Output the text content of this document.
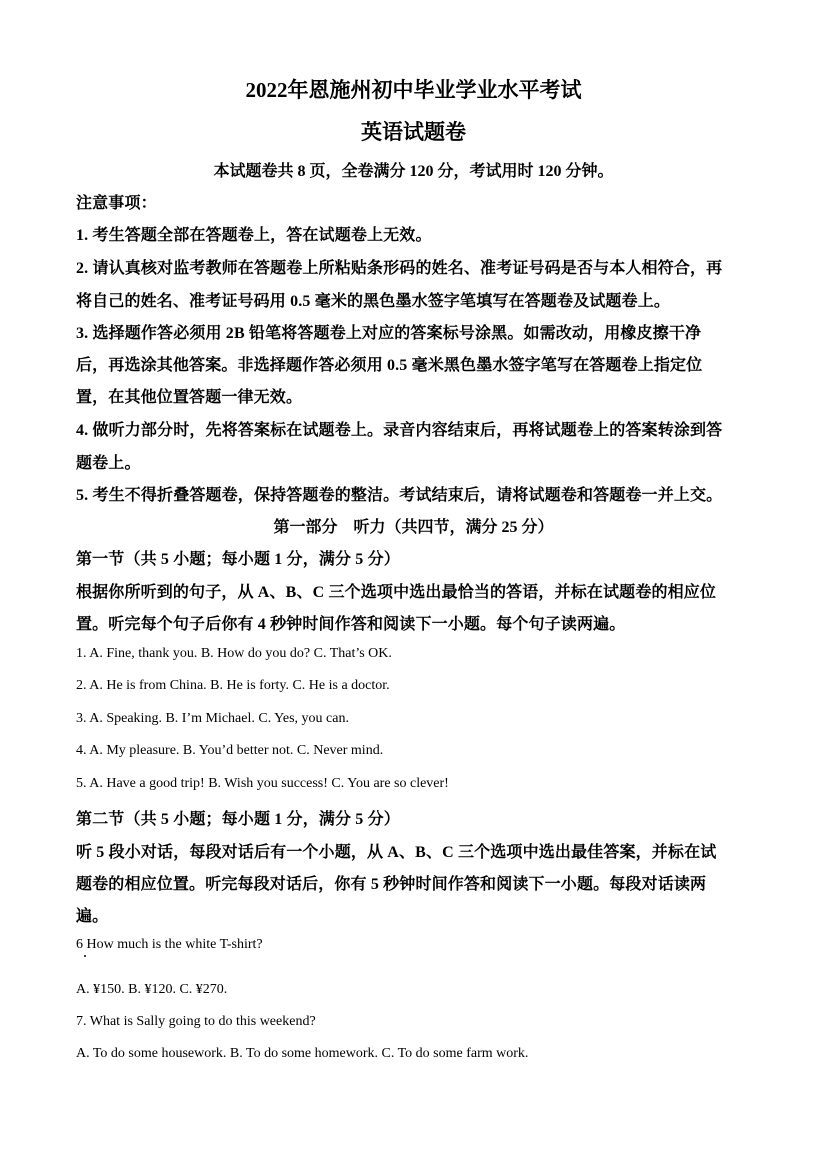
2022年恩施州初中毕业学业水平考试
英语试题卷
本试题卷共 8 页，全卷满分 120 分，考试用时 120 分钟。
注意事项：
1. 考生答题全部在答题卷上，答在试题卷上无效。
2. 请认真核对监考教师在答题卷上所粘贴条形码的姓名、准考证号码是否与本人相符合，再
将自己的姓名、准考证号码用 0.5 毫米的黑色墨水签字笔填写在答题卷及试题卷上。
3. 选择题作答必须用 2B 铅笔将答题卷上对应的答案标号涂黑。如需改动，用橡皮擦干净
后，再选涂其他答案。非选择题作答必须用 0.5 毫米黑色墨水签字笔写在答题卷上指定位
置，在其他位置答题一律无效。
4. 做听力部分时，先将答案标在试题卷上。录音内容结束后，再将试题卷上的答案转涂到答
题卷上。
5. 考生不得折叠答题卷，保持答题卷的整洁。考试结束后，请将试题卷和答题卷一并上交。
第一部分　听力（共四节，满分 25 分）
第一节（共 5 小题；每小题 1 分，满分 5 分）
根据你所听到的句子，从 A、B、C 三个选项中选出最恰当的答语，并标在试题卷的相应位
置。听完每个句子后你有 4 秒钟时间作答和阅读下一小题。每个句子读两遍。
1. A. Fine, thank you. B. How do you do? C. That’s OK.
2. A. He is from China. B. He is forty. C. He is a doctor.
3. A. Speaking. B. I’m Michael. C. Yes, you can.
4. A. My pleasure. B. You’d better not. C. Never mind.
5. A. Have a good trip! B. Wish you success! C. You are so clever!
第二节（共 5 小题；每小题 1 分，满分 5 分）
听 5 段小对话，每段对话后有一个小题，从 A、B、C 三个选项中选出最佳答案，并标在试
题卷的相应位置。听完每段对话后，你有 5 秒钟时间作答和阅读下一小题。每段对话读两
遍。
6 How much is the white T-shirt?
A. ¥150. B. ¥120. C. ¥270.
7. What is Sally going to do this weekend?
A. To do some housework. B. To do some homework. C. To do some farm work.
